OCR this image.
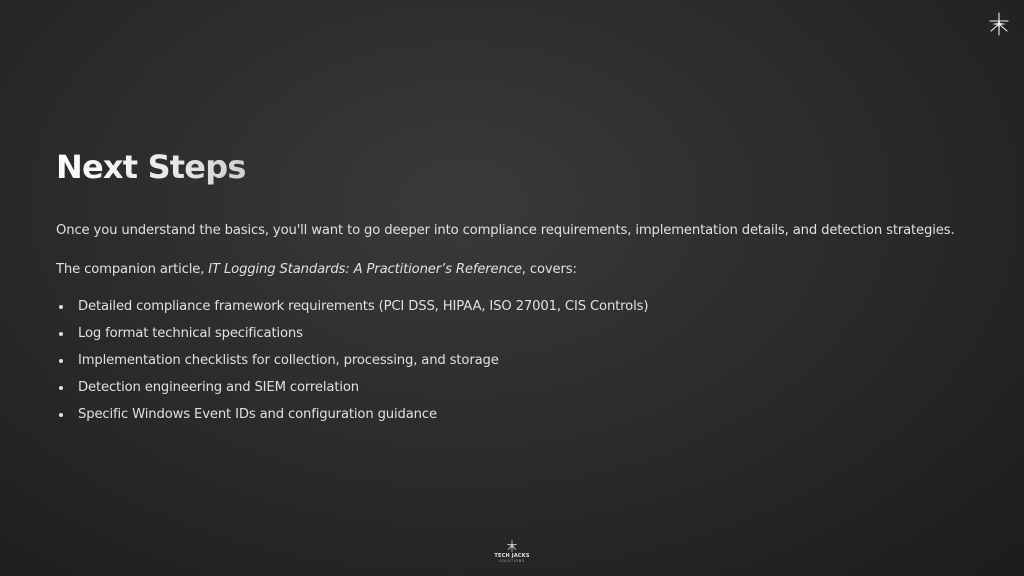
Next Steps

Once you understand the basics, you'll want to go deeper into compliance requirements, implementation details, and detection strategies.

The companion article, IT Logging Standards: A Practitioner’s Reference, covers:

Detailed compliance framework requirements (PCI DSS, HIPAA, ISO 27001, CIS Controls)
Log format technical specifications
Implementation checklists for collection, processing, and storage
Detection engineering and SIEM correlation
Specific Windows Event IDs and configuration guidance
TECH JACKS
SOLUTIONS
